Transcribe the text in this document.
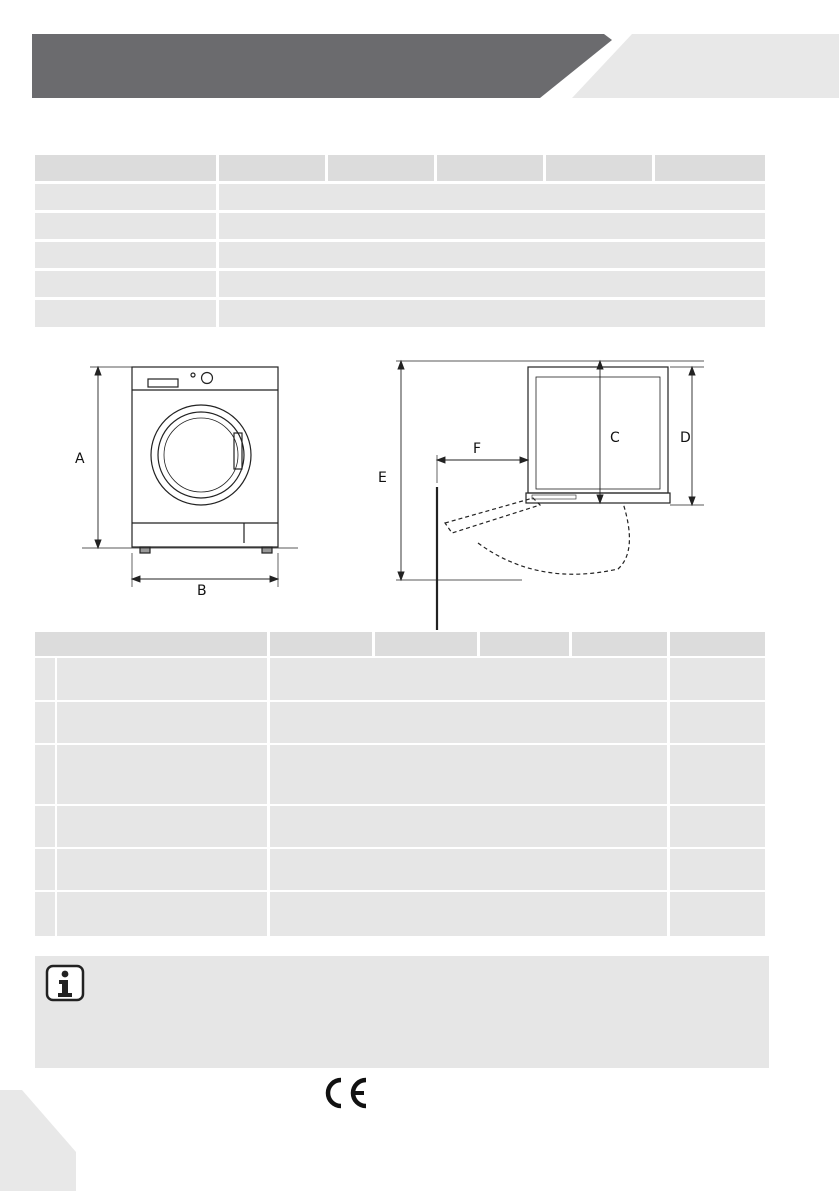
A
B
C	D
E
F
